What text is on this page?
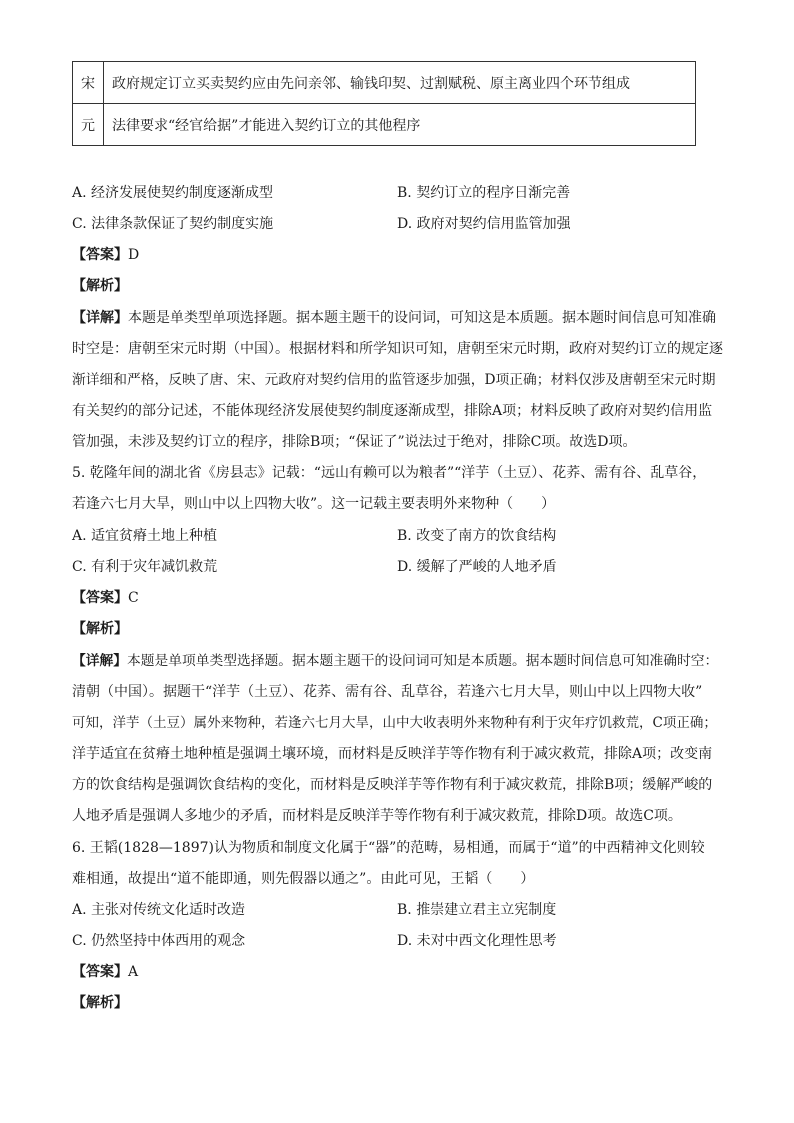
宋	政府规定订立买卖契约应由先问亲邻、输钱印契、过割赋税、原主离业四个环节组成
元	法律要求“经官给据”才能进入契约订立的其他程序
A. 经济发展使契约制度逐渐成型	B. 契约订立的程序日渐完善
C. 法律条款保证了契约制度实施	D. 政府对契约信用监管加强
【答案】D
【解析】
【详解】本题是单类型单项选择题。据本题主题干的设问词，可知这是本质题。据本题时间信息可知准确
时空是：唐朝至宋元时期（中国）。根据材料和所学知识可知，唐朝至宋元时期，政府对契约订立的规定逐
渐详细和严格，反映了唐、宋、元政府对契约信用的监管逐步加强，D项正确；材料仅涉及唐朝至宋元时期
有关契约的部分记述，不能体现经济发展使契约制度逐渐成型，排除A项；材料反映了政府对契约信用监
管加强，未涉及契约订立的程序，排除B项；“保证了”说法过于绝对，排除C项。故选D项。
5. 乾隆年间的湖北省《房县志》记载：“远山有赖可以为粮者”“洋芋（土豆）、花荞、需有谷、乱草谷，
若逢六七月大旱，则山中以上四物大收”。这一记载主要表明外来物种（　　）
A. 适宜贫瘠土地上种植	B. 改变了南方的饮食结构
C. 有利于灾年减饥救荒	D. 缓解了严峻的人地矛盾
【答案】C
【解析】
【详解】本题是单项单类型选择题。据本题主题干的设问词可知是本质题。据本题时间信息可知准确时空：
清朝（中国）。据题干“洋芋（土豆）、花荞、需有谷、乱草谷，若逢六七月大旱，则山中以上四物大收”
可知，洋芋（土豆）属外来物种，若逢六七月大旱，山中大收表明外来物种有利于灾年疗饥救荒，C项正确；
洋芋适宜在贫瘠土地种植是强调土壤环境，而材料是反映洋芋等作物有利于减灾救荒，排除A项；改变南
方的饮食结构是强调饮食结构的变化，而材料是反映洋芋等作物有利于减灾救荒，排除B项；缓解严峻的
人地矛盾是强调人多地少的矛盾，而材料是反映洋芋等作物有利于减灾救荒，排除D项。故选C项。
6. 王韬(1828—1897)认为物质和制度文化属于“器”的范畴，易相通，而属于“道”的中西精神文化则较
难相通，故提出“道不能即通，则先假器以通之”。由此可见，王韬（　　）
A. 主张对传统文化适时改造	B. 推崇建立君主立宪制度
C. 仍然坚持中体西用的观念	D. 未对中西文化理性思考
【答案】A
【解析】
